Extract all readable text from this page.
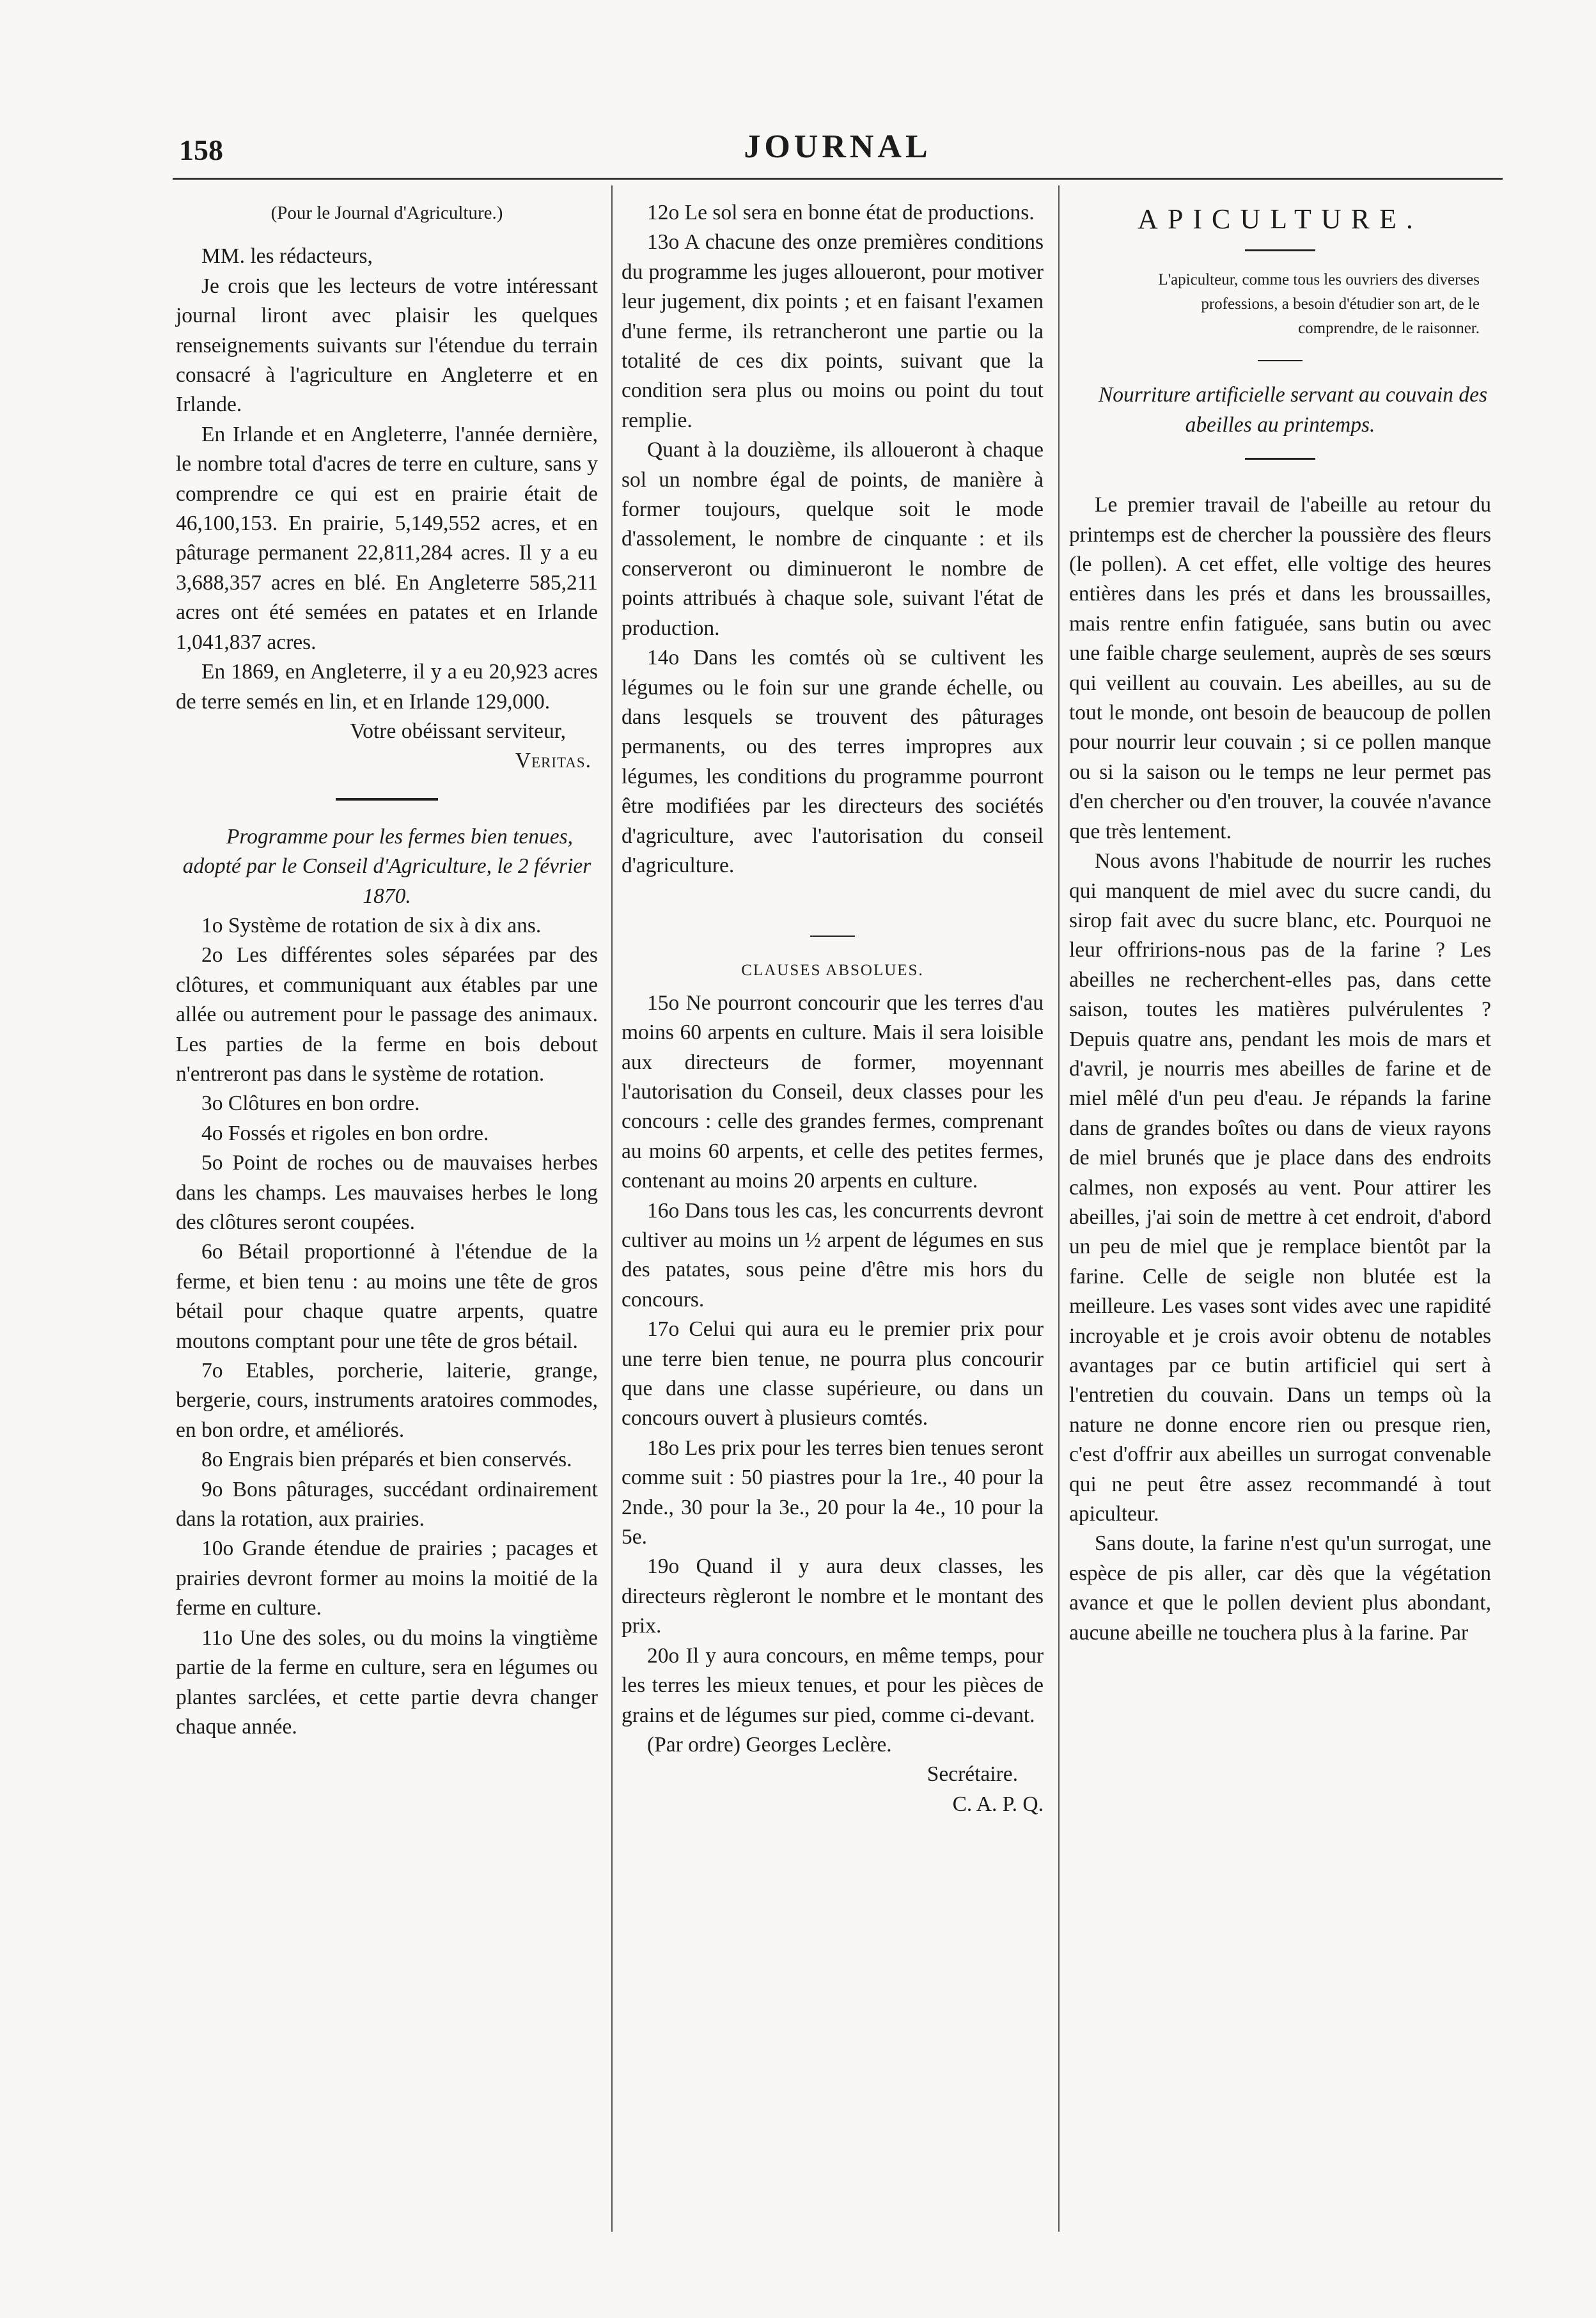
158	JOURNAL
(Pour le Journal d'Agriculture.)

MM. les rédacteurs,

Je crois que les lecteurs de votre intéressant journal liront avec plaisir les quelques renseignements suivants sur l'étendue du terrain consacré à l'agriculture en Angleterre et en Irlande.

En Irlande et en Angleterre, l'année dernière, le nombre total d'acres de terre en culture, sans y comprendre ce qui est en prairie était de 46,100,153. En prairie, 5,149,552 acres, et en pâturage permanent 22,811,284 acres. Il y a eu 3,688,357 acres en blé. En Angleterre 585,211 acres ont été semées en patates et en Irlande 1,041,837 acres.

En 1869, en Angleterre, il y a eu 20,923 acres de terre semés en lin, et en Irlande 129,000.

Votre obéissant serviteur,

Veritas.

Programme pour les fermes bien tenues, adopté par le Conseil d'Agriculture, le 2 février 1870.

1o Système de rotation de six à dix ans.

2o Les différentes soles séparées par des clôtures, et communiquant aux étables par une allée ou autrement pour le passage des animaux. Les parties de la ferme en bois debout n'entreront pas dans le système de rotation.

3o Clôtures en bon ordre.

4o Fossés et rigoles en bon ordre.

5o Point de roches ou de mauvaises herbes dans les champs. Les mauvaises herbes le long des clôtures seront coupées.

6o Bétail proportionné à l'étendue de la ferme, et bien tenu : au moins une tête de gros bétail pour chaque quatre arpents, quatre moutons comptant pour une tête de gros bétail.

7o Etables, porcherie, laiterie, grange, bergerie, cours, instruments aratoires commodes, en bon ordre, et améliorés.

8o Engrais bien préparés et bien conservés.

9o Bons pâturages, succédant ordinairement dans la rotation, aux prairies.

10o Grande étendue de prairies ; pacages et prairies devront former au moins la moitié de la ferme en culture.

11o Une des soles, ou du moins la vingtième partie de la ferme en culture, sera en légumes ou plantes sarclées, et cette partie devra changer chaque année.

12o Le sol sera en bonne état de productions.

13o A chacune des onze premières conditions du programme les juges alloueront, pour motiver leur jugement, dix points ; et en faisant l'examen d'une ferme, ils retrancheront une partie ou la totalité de ces dix points, suivant que la condition sera plus ou moins ou point du tout remplie.

Quant à la douzième, ils alloueront à chaque sol un nombre égal de points, de manière à former toujours, quelque soit le mode d'assolement, le nombre de cinquante : et ils conserveront ou diminueront le nombre de points attribués à chaque sole, suivant l'état de production.

14o Dans les comtés où se cultivent les légumes ou le foin sur une grande échelle, ou dans lesquels se trouvent des pâturages permanents, ou des terres impropres aux légumes, les conditions du programme pourront être modifiées par les directeurs des sociétés d'agriculture, avec l'autorisation du conseil d'agriculture.

CLAUSES ABSOLUES.

15o Ne pourront concourir que les terres d'au moins 60 arpents en culture. Mais il sera loisible aux directeurs de former, moyennant l'autorisation du Conseil, deux classes pour les concours : celle des grandes fermes, comprenant au moins 60 arpents, et celle des petites fermes, contenant au moins 20 arpents en culture.

16o Dans tous les cas, les concurrents devront cultiver au moins un ½ arpent de légumes en sus des patates, sous peine d'être mis hors du concours.

17o Celui qui aura eu le premier prix pour une terre bien tenue, ne pourra plus concourir que dans une classe supérieure, ou dans un concours ouvert à plusieurs comtés.

18o Les prix pour les terres bien tenues seront comme suit : 50 piastres pour la 1re., 40 pour la 2nde., 30 pour la 3e., 20 pour la 4e., 10 pour la 5e.

19o Quand il y aura deux classes, les directeurs règleront le nombre et le montant des prix.

20o Il y aura concours, en même temps, pour les terres les mieux tenues, et pour les pièces de grains et de légumes sur pied, comme ci-devant.

(Par ordre) Georges Leclère.

Secrétaire.

C. A. P. Q.

APICULTURE.
L'apiculteur, comme tous les ouvriers des diverses professions, a besoin d'étudier son art, de le comprendre, de le raisonner.

Nourriture artificielle servant au couvain des abeilles au printemps.

Le premier travail de l'abeille au retour du printemps est de chercher la poussière des fleurs (le pollen). A cet effet, elle voltige des heures entières dans les prés et dans les broussailles, mais rentre enfin fatiguée, sans butin ou avec une faible charge seulement, auprès de ses sœurs qui veillent au couvain. Les abeilles, au su de tout le monde, ont besoin de beaucoup de pollen pour nourrir leur couvain ; si ce pollen manque ou si la saison ou le temps ne leur permet pas d'en chercher ou d'en trouver, la couvée n'avance que très lentement.

Nous avons l'habitude de nourrir les ruches qui manquent de miel avec du sucre candi, du sirop fait avec du sucre blanc, etc. Pourquoi ne leur offririons-nous pas de la farine ? Les abeilles ne recherchent-elles pas, dans cette saison, toutes les matières pulvérulentes ? Depuis quatre ans, pendant les mois de mars et d'avril, je nourris mes abeilles de farine et de miel mêlé d'un peu d'eau. Je répands la farine dans de grandes boîtes ou dans de vieux rayons de miel brunés que je place dans des endroits calmes, non exposés au vent. Pour attirer les abeilles, j'ai soin de mettre à cet endroit, d'abord un peu de miel que je remplace bientôt par la farine. Celle de seigle non blutée est la meilleure. Les vases sont vides avec une rapidité incroyable et je crois avoir obtenu de notables avantages par ce butin artificiel qui sert à l'entretien du couvain. Dans un temps où la nature ne donne encore rien ou presque rien, c'est d'offrir aux abeilles un surrogat convenable qui ne peut être assez recommandé à tout apiculteur.

Sans doute, la farine n'est qu'un surrogat, une espèce de pis aller, car dès que la végétation avance et que le pollen devient plus abondant, aucune abeille ne touchera plus à la farine. Par
